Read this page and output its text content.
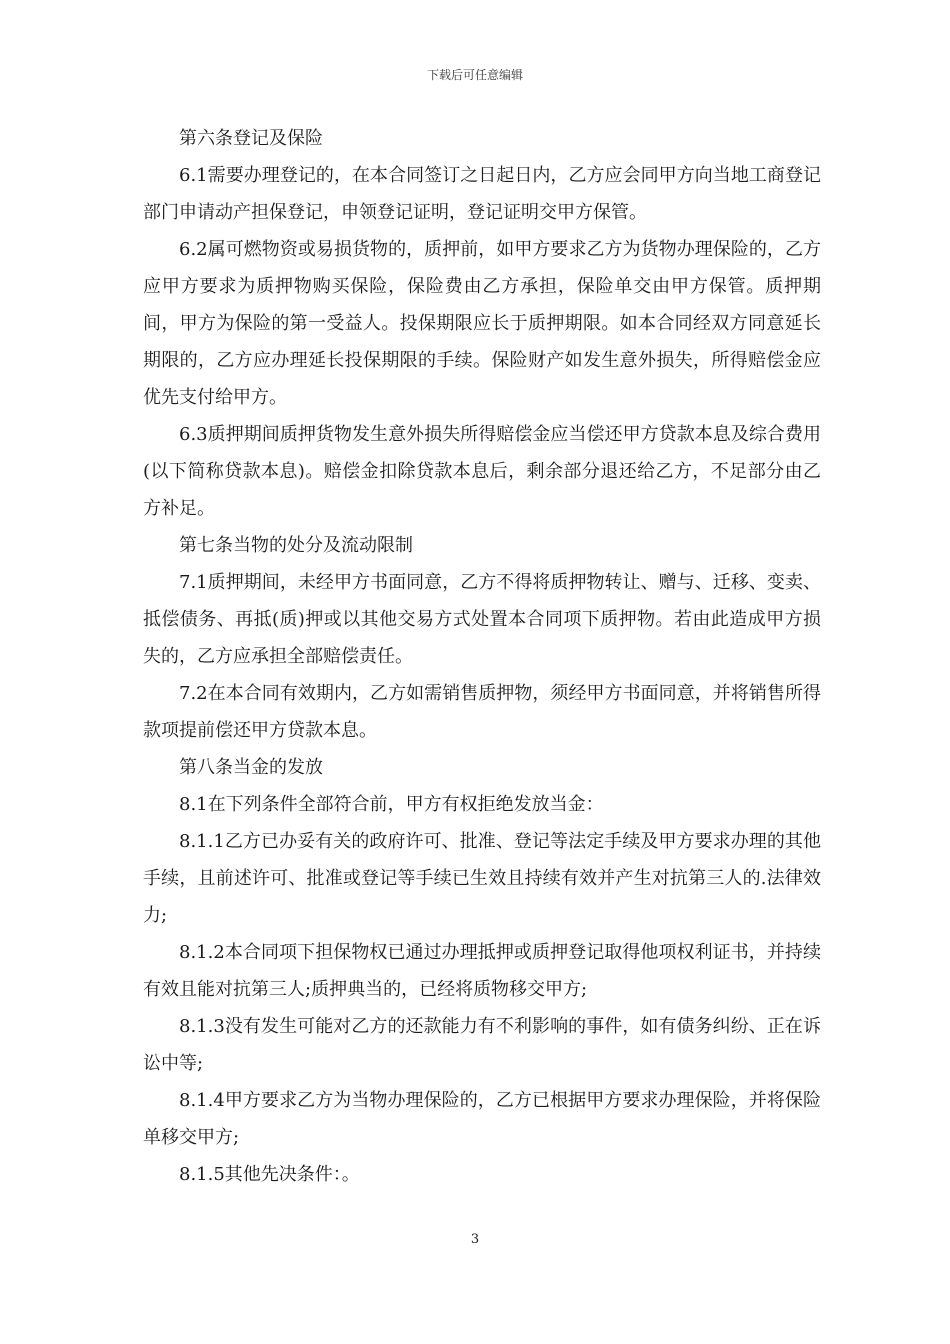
下载后可任意编辑

第六条登记及保险

6.1需要办理登记的，在本合同签订之日起日内，乙方应会同甲方向当地工商登记部门申请动产担保登记，申领登记证明，登记证明交甲方保管。

6.2属可燃物资或易损货物的，质押前，如甲方要求乙方为货物办理保险的，乙方应甲方要求为质押物购买保险，保险费由乙方承担，保险单交由甲方保管。质押期间，甲方为保险的第一受益人。投保期限应长于质押期限。如本合同经双方同意延长期限的，乙方应办理延长投保期限的手续。保险财产如发生意外损失，所得赔偿金应优先支付给甲方。

6.3质押期间质押货物发生意外损失所得赔偿金应当偿还甲方贷款本息及综合费用(以下简称贷款本息)。赔偿金扣除贷款本息后，剩余部分退还给乙方，不足部分由乙方补足。

第七条当物的处分及流动限制

7.1质押期间，未经甲方书面同意，乙方不得将质押物转让、赠与、迁移、变卖、抵偿债务、再抵(质)押或以其他交易方式处置本合同项下质押物。若由此造成甲方损失的，乙方应承担全部赔偿责任。

7.2在本合同有效期内，乙方如需销售质押物，须经甲方书面同意，并将销售所得款项提前偿还甲方贷款本息。

第八条当金的发放

8.1在下列条件全部符合前，甲方有权拒绝发放当金：

8.1.1乙方已办妥有关的政府许可、批准、登记等法定手续及甲方要求办理的其他手续，且前述许可、批准或登记等手续已生效且持续有效并产生对抗第三人的.法律效力;

8.1.2本合同项下担保物权已通过办理抵押或质押登记取得他项权利证书，并持续有效且能对抗第三人;质押典当的，已经将质物移交甲方;

8.1.3没有发生可能对乙方的还款能力有不利影响的事件，如有债务纠纷、正在诉讼中等;

8.1.4甲方要求乙方为当物办理保险的，乙方已根据甲方要求办理保险，并将保险单移交甲方;

8.1.5其他先决条件：。

3
